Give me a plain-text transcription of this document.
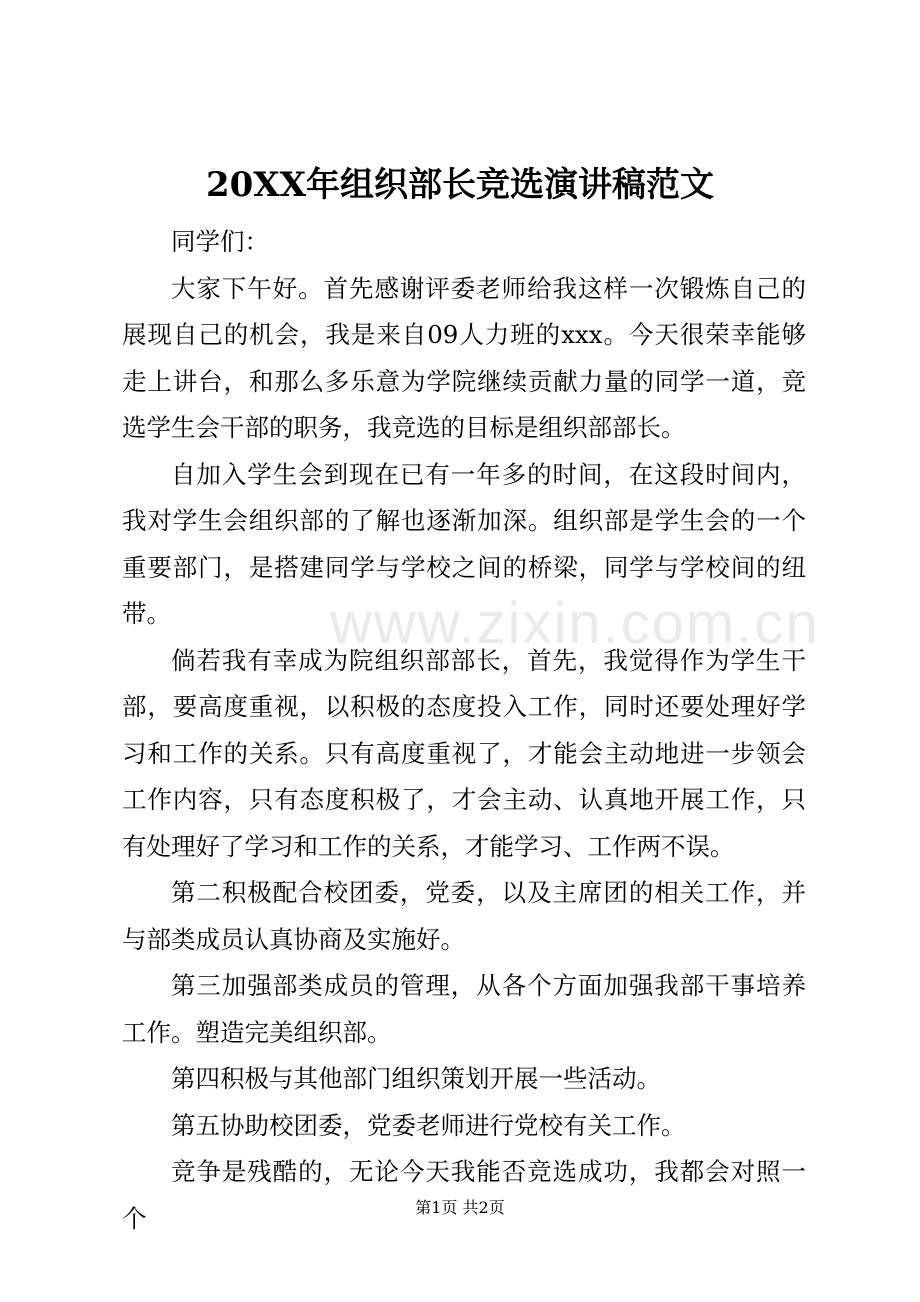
20XX年组织部长竞选演讲稿范文

同学们：

大家下午好。首先感谢评委老师给我这样一次锻炼自己的展现自己的机会，我是来自09人力班的xxx。今天很荣幸能够走上讲台，和那么多乐意为学院继续贡献力量的同学一道，竞选学生会干部的职务，我竞选的目标是组织部部长。

自加入学生会到现在已有一年多的时间，在这段时间内，我对学生会组织部的了解也逐渐加深。组织部是学生会的一个重要部门，是搭建同学与学校之间的桥梁，同学与学校间的纽带。

倘若我有幸成为院组织部部长，首先，我觉得作为学生干部，要高度重视，以积极的态度投入工作，同时还要处理好学习和工作的关系。只有高度重视了，才能会主动地进一步领会工作内容，只有态度积极了，才会主动、认真地开展工作，只有处理好了学习和工作的关系，才能学习、工作两不误。

第二积极配合校团委，党委，以及主席团的相关工作，并与部类成员认真协商及实施好。

第三加强部类成员的管理，从各个方面加强我部干事培养工作。塑造完美组织部。

第四积极与其他部门组织策划开展一些活动。

第五协助校团委，党委老师进行党校有关工作。

竞争是残酷的，无论今天我能否竞选成功，我都会对照一个

www.zixin.com.cn
第1页 共2页
